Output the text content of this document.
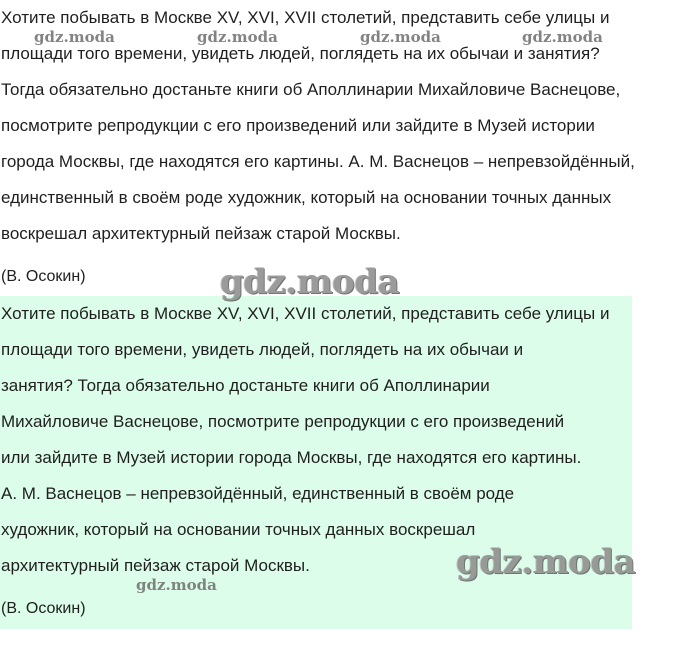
Хотите побывать в Москве XV, XVI, XVII столетий, представить себе улицы и
площади того времени, увидеть людей, поглядеть на их обычаи и занятия?
Тогда обязательно достаньте книги об Аполлинарии Михайловиче Васнецове,
посмотрите репродукции с его произведений или зайдите в Музей истории
города Москвы, где находятся его картины. А. М. Васнецов – непревзойдённый,
единственный в своём роде художник, который на основании точных данных
воскрешал архитектурный пейзаж старой Москвы.
(В. Осокин)
Хотите побывать в Москве XV, XVI, XVII столетий, представить себе улицы и
площади того времени, увидеть людей, поглядеть на их обычаи и
занятия? Тогда обязательно достаньте книги об Аполлинарии
Михайловиче Васнецове, посмотрите репродукции с его произведений
или зайдите в Музей истории города Москвы, где находятся его картины.
А. М. Васнецов – непревзойдённый, единственный в своём роде
художник, который на основании точных данных воскрешал
архитектурный пейзаж старой Москвы.
(В. Осокин)
gdz.moda	gdz.moda	gdz.moda	gdz.moda
gdz.moda
gdz.moda
gdz.moda
